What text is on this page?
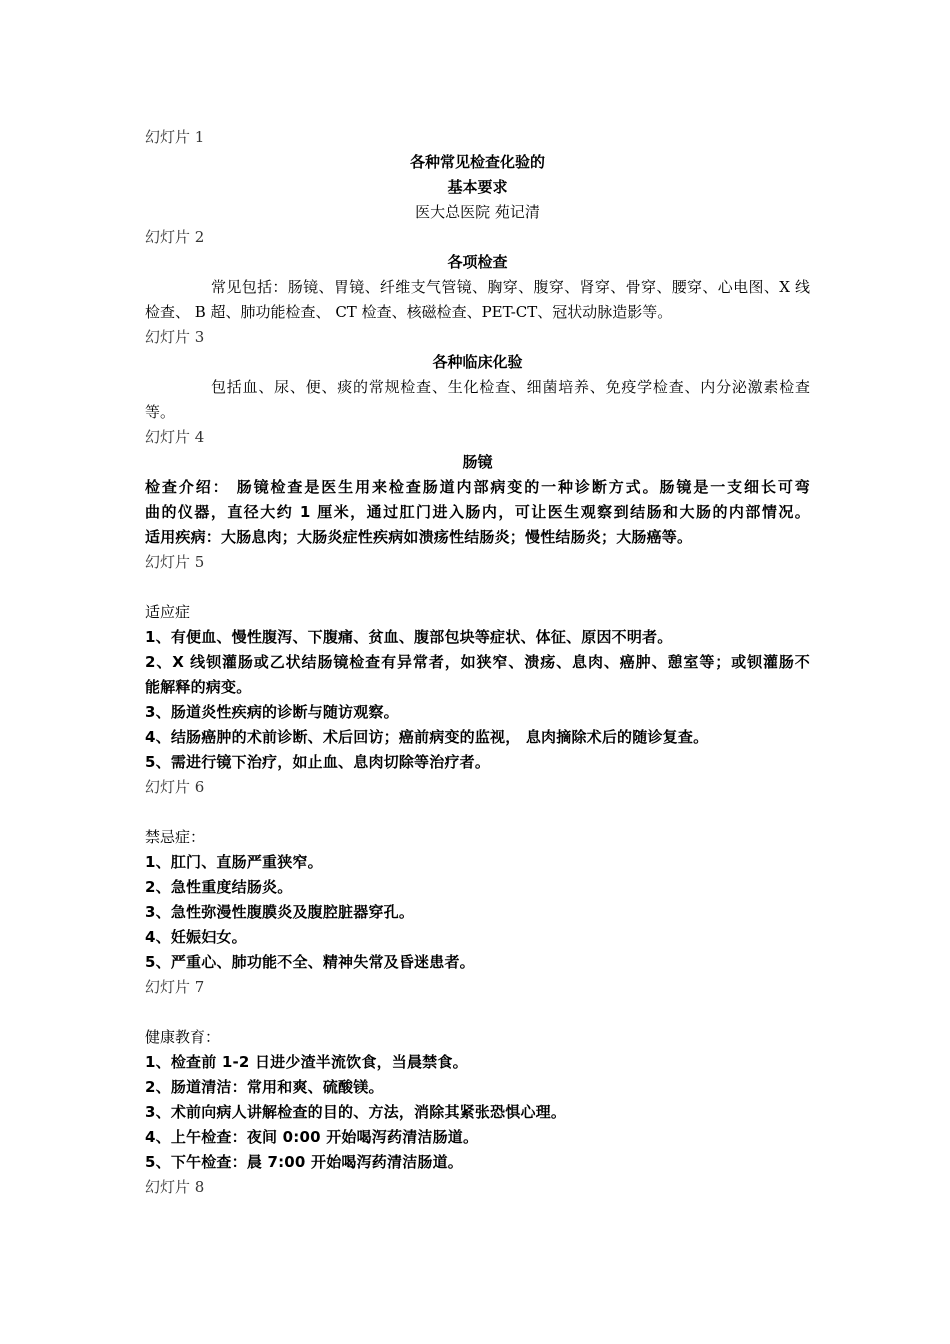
幻灯片 1
各种常见检查化验的
基本要求
医大总医院 苑记清
幻灯片 2
各项检查
常见包括：肠镜、胃镜、纤维支气管镜、胸穿、腹穿、肾穿、骨穿、腰穿、心电图、X 线
检查、 B 超、肺功能检查、 CT 检查、核磁检查、PET-CT、冠状动脉造影等。
幻灯片 3
各种临床化验
包括血、尿、便、痰的常规检查、生化检查、细菌培养、免疫学检查、内分泌激素检查
等。
幻灯片 4
肠镜
检查介绍： 肠镜检查是医生用来检查肠道内部病变的一种诊断方式。肠镜是一支细长可弯
曲的仪器，直径大约 1 厘米，通过肛门进入肠内，可让医生观察到结肠和大肠的内部情况。
适用疾病：大肠息肉；大肠炎症性疾病如溃疡性结肠炎；慢性结肠炎；大肠癌等。
幻灯片 5
适应症
1、有便血、慢性腹泻、下腹痛、贫血、腹部包块等症状、体征、原因不明者。
2、X 线钡灌肠或乙状结肠镜检查有异常者，如狭窄、溃疡、息肉、癌肿、憩室等；或钡灌肠不
能解释的病变。
3、肠道炎性疾病的诊断与随访观察。
4、结肠癌肿的术前诊断、术后回访；癌前病变的监视， 息肉摘除术后的随诊复查。
5、需进行镜下治疗，如止血、息肉切除等治疗者。
幻灯片 6
禁忌症：
1、肛门、直肠严重狭窄。
2、急性重度结肠炎。
3、急性弥漫性腹膜炎及腹腔脏器穿孔。
4、妊娠妇女。
5、严重心、肺功能不全、精神失常及昏迷患者。
幻灯片 7
健康教育：
1、检查前 1-2 日进少渣半流饮食，当晨禁食。
2、肠道清洁：常用和爽、硫酸镁。
3、术前向病人讲解检查的目的、方法，消除其紧张恐惧心理。
4、上午检查：夜间 0:00 开始喝泻药清洁肠道。
5、下午检查：晨 7:00 开始喝泻药清洁肠道。
幻灯片 8
